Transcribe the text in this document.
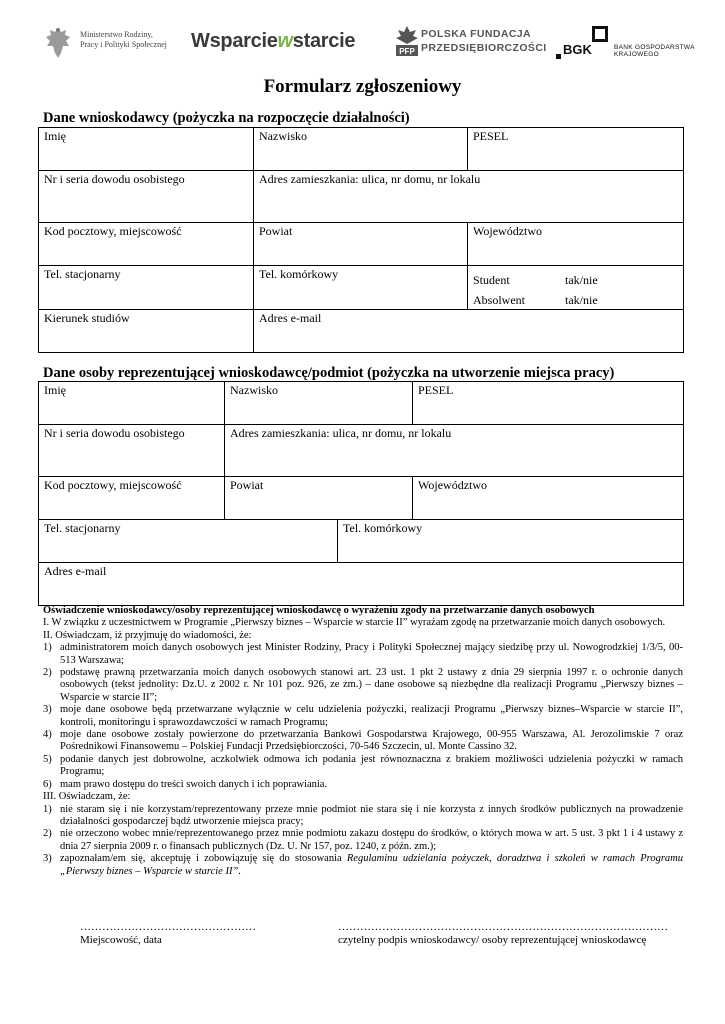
Ministerstwo Rodziny,
Pracy i Polityki Społecznej Wsparciewstarcie	PFP
POLSKA FUNDACJA
PRZEDSIĘBIORCZOŚCI BGK	BANK GOSPODARSTWA
KRAJOWEGO
Formularz zgłoszeniowy
Dane wnioskodawcy (pożyczka na rozpoczęcie działalności)
Imię	Nazwisko	PESEL
Nr i seria dowodu osobistego	Adres zamieszkania: ulica, nr domu, nr lokalu	
Kod pocztowy, miejscowość	Powiat	Województwo
Tel. stacjonarny	Tel. komórkowy	Student tak/nie
Absolwent tak/nie

Kierunek studiów	Adres e-mail	
Dane osoby reprezentującej wnioskodawcę/podmiot (pożyczka na utworzenie miejsca pracy)
Imię	Nazwisko		PESEL
Nr i seria dowodu osobistego	Adres zamieszkania: ulica, nr domu, nr lokalu		
Kod pocztowy, miejscowość	Powiat		Województwo
Tel. stacjonarny		Tel. komórkowy	
Adres e-mail			
Oświadczenie wnioskodawcy/osoby reprezentującej wnioskodawcę o wyrażeniu zgody na przetwarzanie danych osobowych
I. W związku z uczestnictwem w Programie „Pierwszy biznes – Wsparcie w starcie II” wyrażam zgodę na przetwarzanie moich danych osobowych.
II. Oświadczam, iż przyjmuję do wiadomości, że:
1) administratorem moich danych osobowych jest Minister Rodziny, Pracy i Polityki Społecznej mający siedzibę przy ul. Nowogrodzkiej 1/3/5, 00-513 Warszawa;
2) podstawę prawną przetwarzania moich danych osobowych stanowi art. 23 ust. 1 pkt 2 ustawy z dnia 29 sierpnia 1997 r. o ochronie danych osobowych (tekst jednolity: Dz.U. z 2002 r. Nr 101 poz. 926, ze zm.) – dane osobowe są niezbędne dla realizacji Programu „Pierwszy biznes – Wsparcie w starcie II”;
3) moje dane osobowe będą przetwarzane wyłącznie w celu udzielenia pożyczki, realizacji Programu „Pierwszy biznes–Wsparcie w starcie II”, kontroli, monitoringu i sprawozdawczości w ramach Programu;
4) moje dane osobowe zostały powierzone do przetwarzania Bankowi Gospodarstwa Krajowego, 00-955 Warszawa, Al. Jerozolimskie 7 oraz Pośrednikowi Finansowemu – Polskiej Fundacji Przedsiębiorczości, 70-546 Szczecin, ul. Monte Cassino 32.
5) podanie danych jest dobrowolne, aczkolwiek odmowa ich podania jest równoznaczna z brakiem możliwości udzielenia pożyczki w ramach Programu;
6) mam prawo dostępu do treści swoich danych i ich poprawiania.
III. Oświadczam, że:
1) nie staram się i nie korzystam/reprezentowany przeze mnie podmiot nie stara się i nie korzysta z innych środków publicznych na prowadzenie działalności gospodarczej bądź utworzenie miejsca pracy;
2) nie orzeczono wobec mnie/reprezentowanego przez mnie podmiotu zakazu dostępu do środków, o których mowa w art. 5 ust. 3 pkt 1 i 4 ustawy z dnia 27 sierpnia 2009 r. o finansach publicznych (Dz. U. Nr 157, poz. 1240, z późn. zm.);
3) zapoznałam/em się, akceptuję i zobowiązuję się do stosowania Regulaminu udzielania pożyczek, doradztwa i szkoleń w ramach Programu „Pierwszy biznes – Wsparcie w starcie II”.
…………………………………………
Miejscowość, data
………………………………………………………………………………
czytelny podpis wnioskodawcy/ osoby reprezentującej wnioskodawcę
